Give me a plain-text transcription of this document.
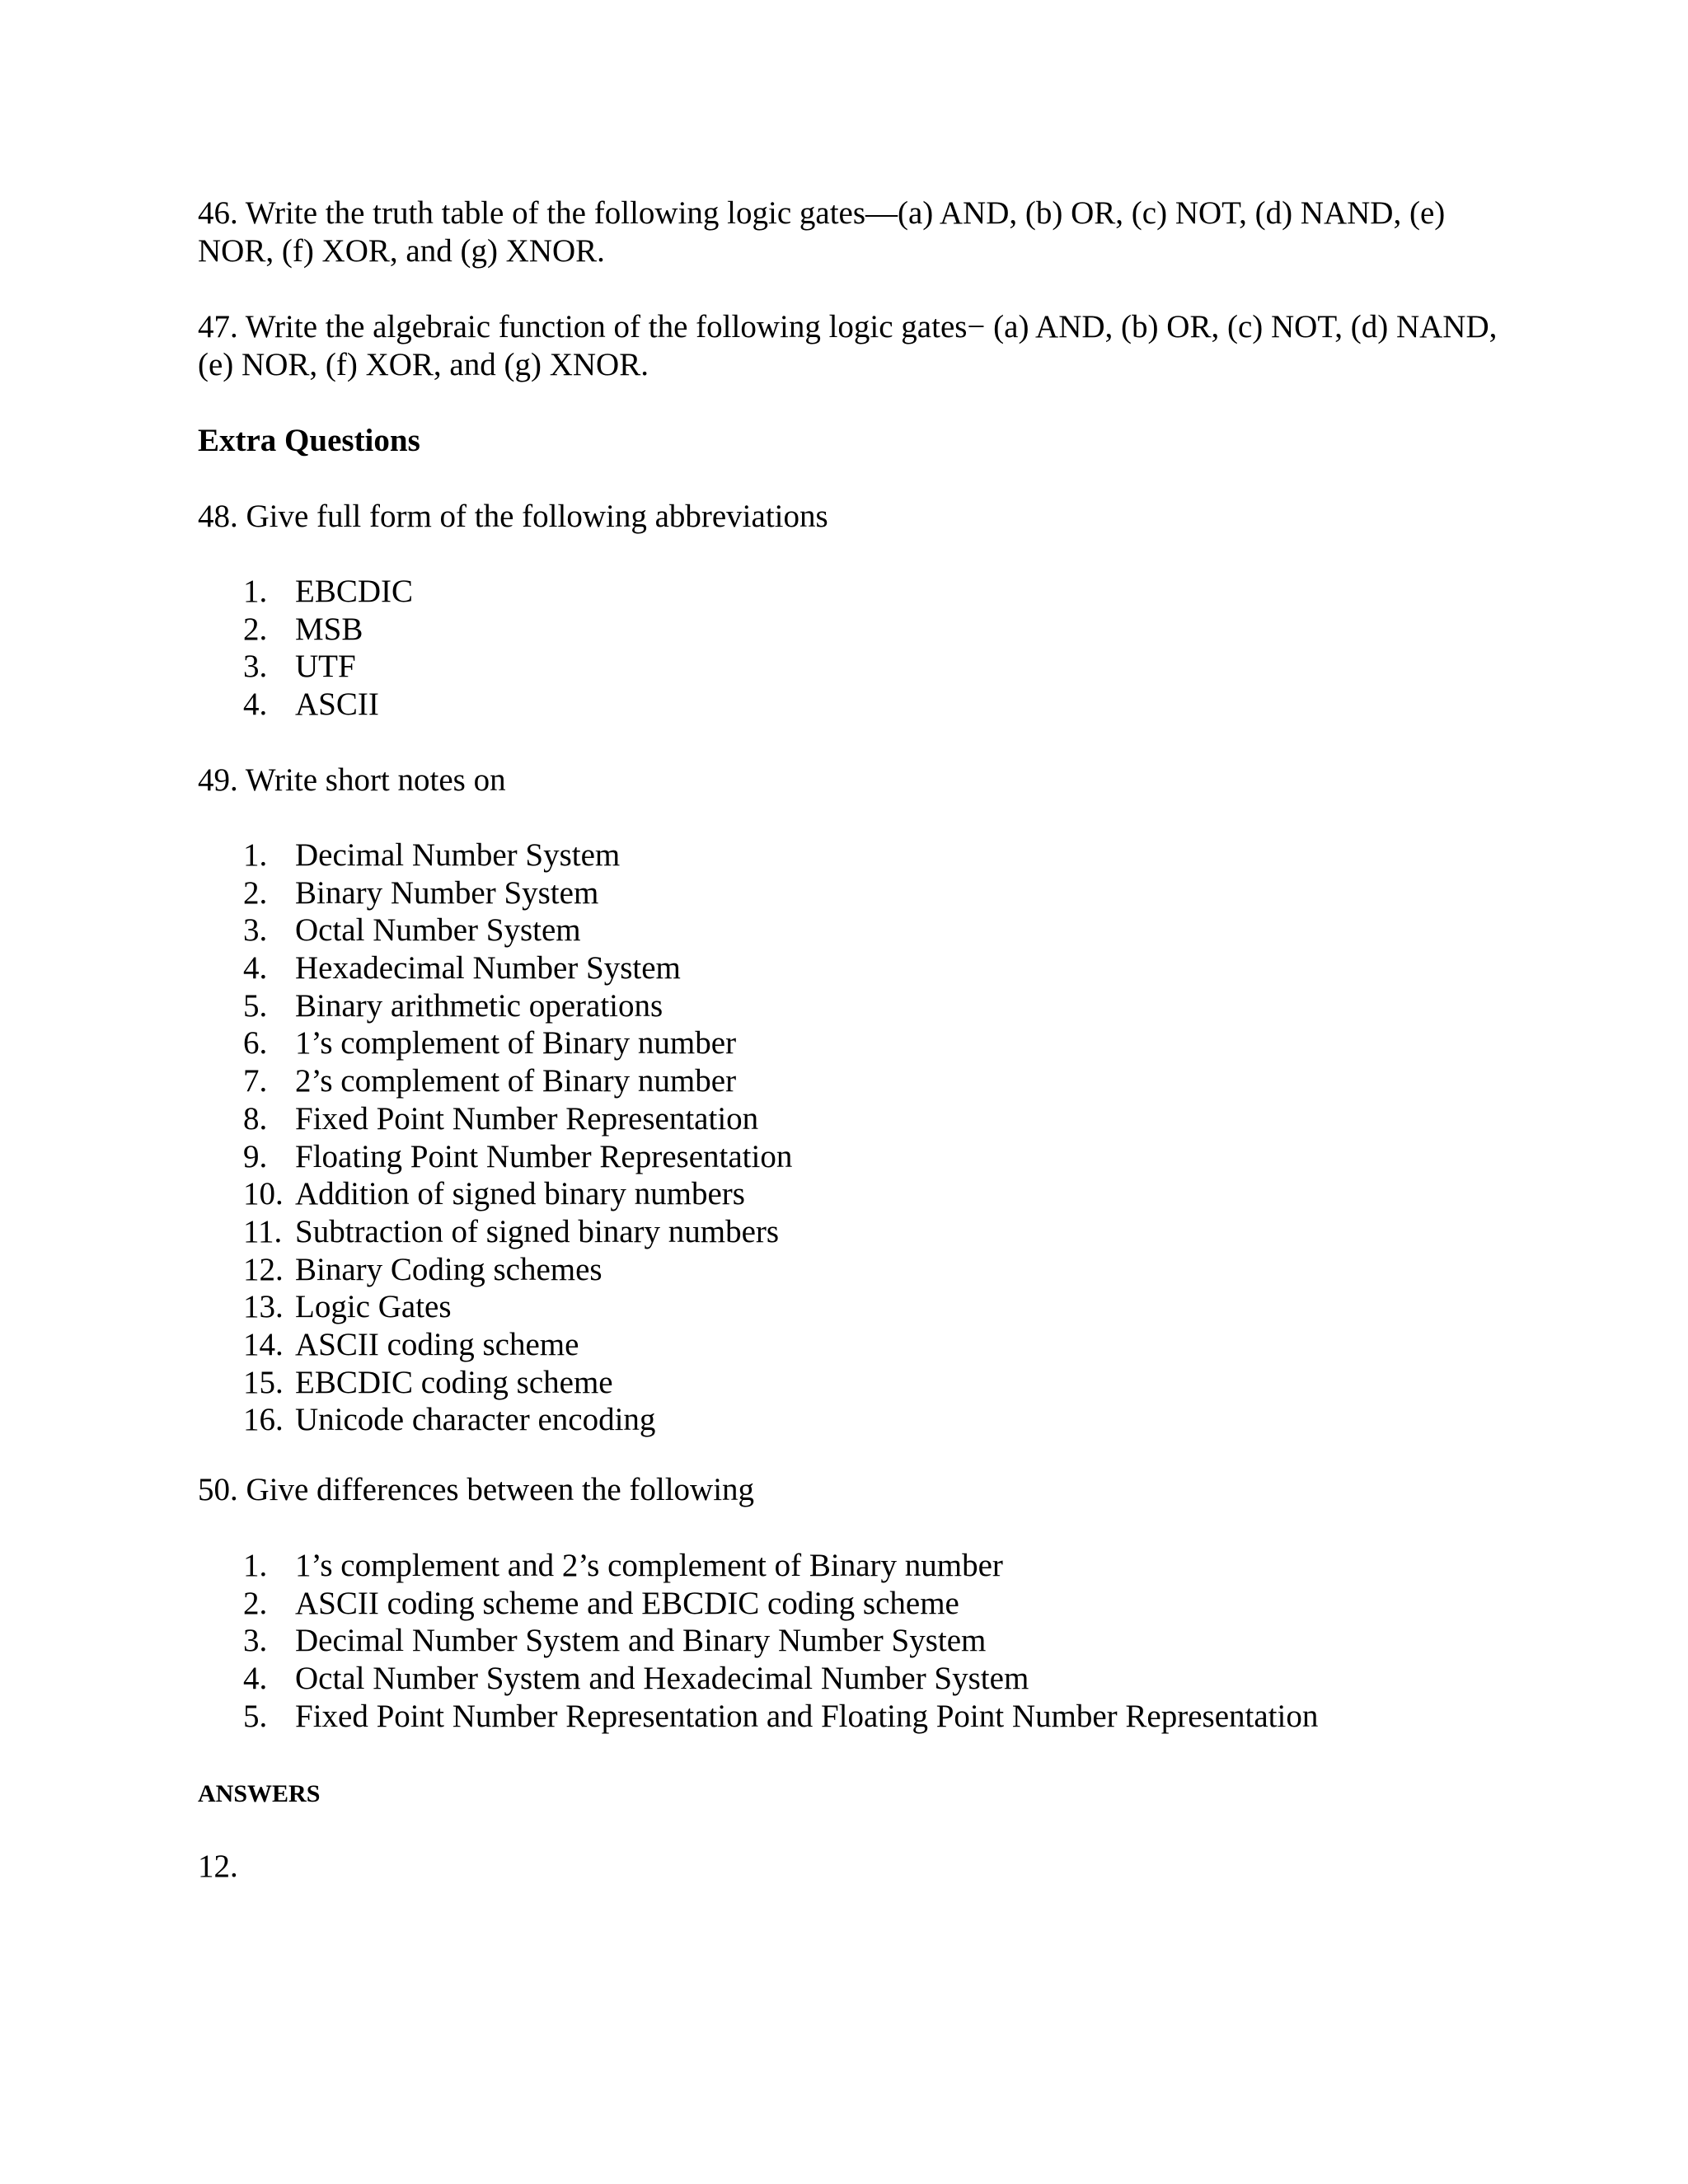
46. Write the truth table of the following logic gates—(a) AND, (b) OR, (c) NOT, (d) NAND, (e) NOR, (f) XOR, and (g) XNOR.

47. Write the algebraic function of the following logic gates− (a) AND, (b) OR, (c) NOT, (d) NAND, (e) NOR, (f) XOR, and (g) XNOR.

Extra Questions

48. Give full form of the following abbreviations

1. EBCDIC
2. MSB
3. UTF
4. ASCII

49. Write short notes on

1. Decimal Number System
2. Binary Number System
3. Octal Number System
4. Hexadecimal Number System
5. Binary arithmetic operations
6. 1’s complement of Binary number
7. 2’s complement of Binary number
8. Fixed Point Number Representation
9. Floating Point Number Representation
10. Addition of signed binary numbers
11. Subtraction of signed binary numbers
12. Binary Coding schemes
13. Logic Gates
14. ASCII coding scheme
15. EBCDIC coding scheme
16. Unicode character encoding

50. Give differences between the following

1. 1’s complement and 2’s complement of Binary number
2. ASCII coding scheme and EBCDIC coding scheme
3. Decimal Number System and Binary Number System
4. Octal Number System and Hexadecimal Number System
5. Fixed Point Number Representation and Floating Point Number Representation

ANSWERS

12.
